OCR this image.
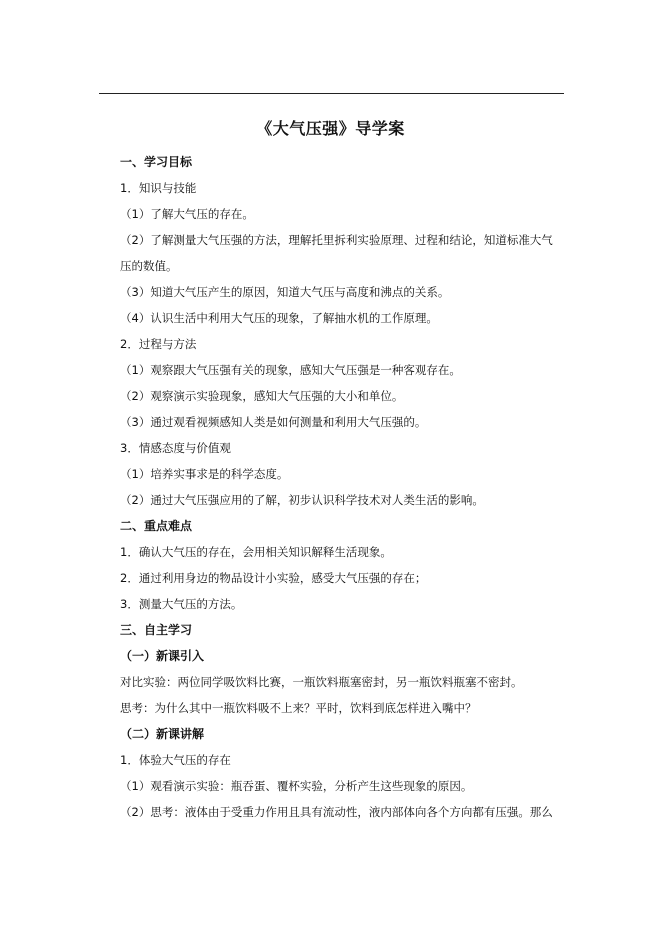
《大气压强》导学案
一、学习目标
1．知识与技能
（1）了解大气压的存在。
（2）了解测量大气压强的方法，理解托里拆利实验原理、过程和结论，知道标准大气
压的数值。
（3）知道大气压产生的原因，知道大气压与高度和沸点的关系。
（4）认识生活中利用大气压的现象，了解抽水机的工作原理。
2．过程与方法
（1）观察跟大气压强有关的现象，感知大气压强是一种客观存在。
（2）观察演示实验现象，感知大气压强的大小和单位。
（3）通过观看视频感知人类是如何测量和利用大气压强的。
3．情感态度与价值观
（1）培养实事求是的科学态度。
（2）通过大气压强应用的了解，初步认识科学技术对人类生活的影响。
二、重点难点
1．确认大气压的存在，会用相关知识解释生活现象。
2．通过利用身边的物品设计小实验，感受大气压强的存在；
3．测量大气压的方法。
三、自主学习
（一）新课引入
对比实验：两位同学吸饮料比赛，一瓶饮料瓶塞密封，另一瓶饮料瓶塞不密封。
思考：为什么其中一瓶饮料吸不上来？平时，饮料到底怎样进入嘴中？
（二）新课讲解
1．体验大气压的存在
（1）观看演示实验：瓶吞蛋、覆杯实验，分析产生这些现象的原因。
（2）思考：液体由于受重力作用且具有流动性，液内部体向各个方向都有压强。那么
